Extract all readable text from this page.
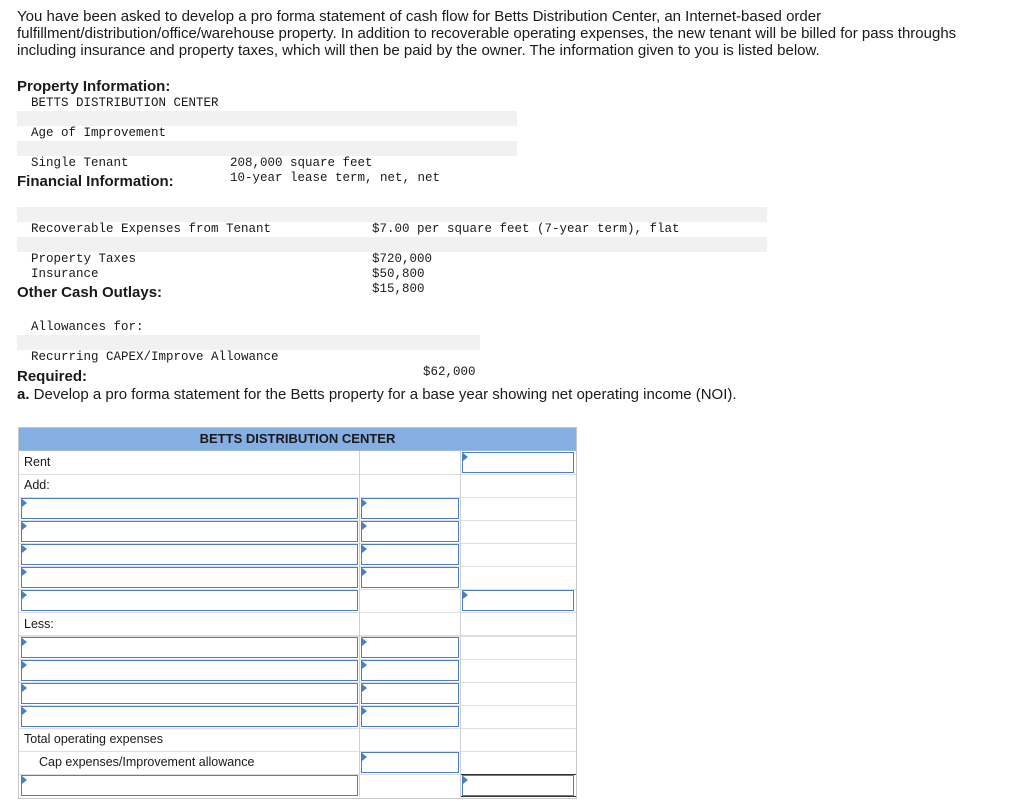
You have been asked to develop a pro forma statement of cash flow for Betts Distribution Center, an Internet-based order fulfillment/distribution/office/warehouse property. In addition to recoverable operating expenses, the new tenant will be billed for pass throughs including insurance and property taxes, which will then be paid by the owner. The information given to you is listed below.
Property Information:
BETTS DISTRIBUTION CENTER

Age of Improvement

208,000 square feet

Single Tenant

10-year lease term, net, net

Financial Information:

$7.00 per square feet (7-year term), flat

Recoverable Expenses from Tenant

$720,000

Property Taxes

$50,800

Insurance

$15,800

Other Cash Outlays:
Allowances for:

Recurring CAPEX/Improve Allowance

$62,000

Required:
a. Develop a pro forma statement for the Betts property for a base year showing net operating income (NOI).
BETTS DISTRIBUTION CENTER
Rent
Add:
Less:
Total operating expenses
Cap expenses/Improvement allowance
